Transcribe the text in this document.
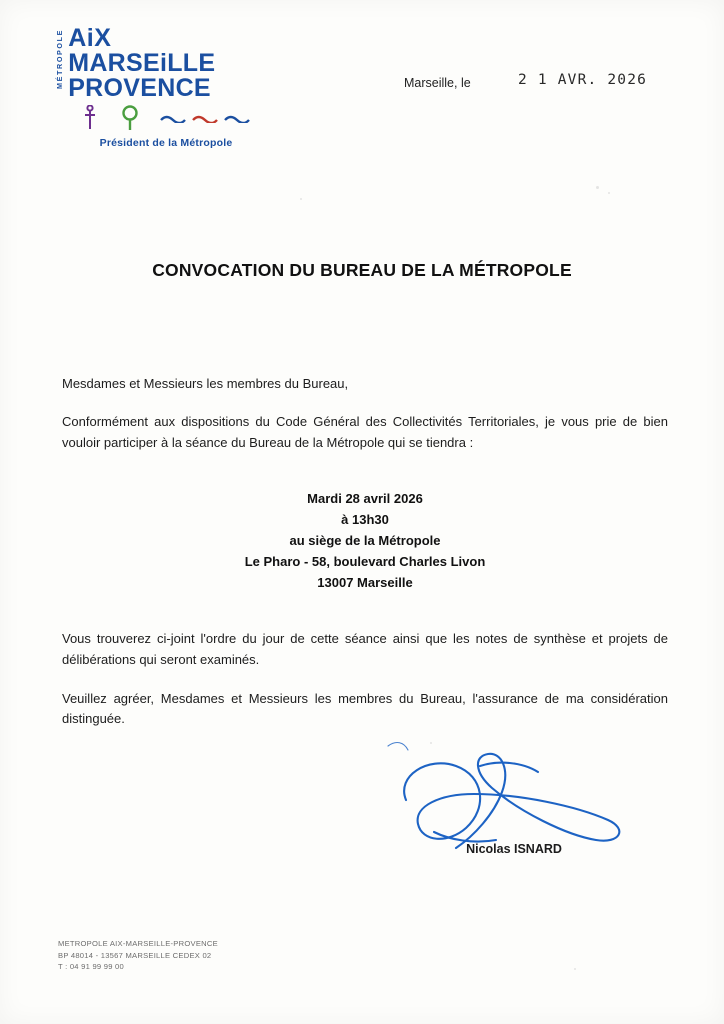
MÉTROPOLE AiX
MARSEiLLE
PROVENCE
Président de la Métropole
Marseille, le	2 1 AVR. 2026
CONVOCATION DU BUREAU DE LA MÉTROPOLE
Mesdames et Messieurs les membres du Bureau,
Conformément aux dispositions du Code Général des Collectivités Territoriales, je vous prie de bien vouloir participer à la séance du Bureau de la Métropole qui se tiendra :
Mardi 28 avril 2026
à 13h30
au siège de la Métropole
Le Pharo - 58, boulevard Charles Livon
13007 Marseille
Vous trouverez ci-joint l'ordre du jour de cette séance ainsi que les notes de synthèse et projets de délibérations qui seront examinés.
Veuillez agréer, Mesdames et Messieurs les membres du Bureau, l'assurance de ma considération distinguée.
Nicolas ISNARD
METROPOLE AIX-MARSEILLE-PROVENCE
BP 48014 - 13567 MARSEILLE CEDEX 02
T : 04 91 99 99 00
